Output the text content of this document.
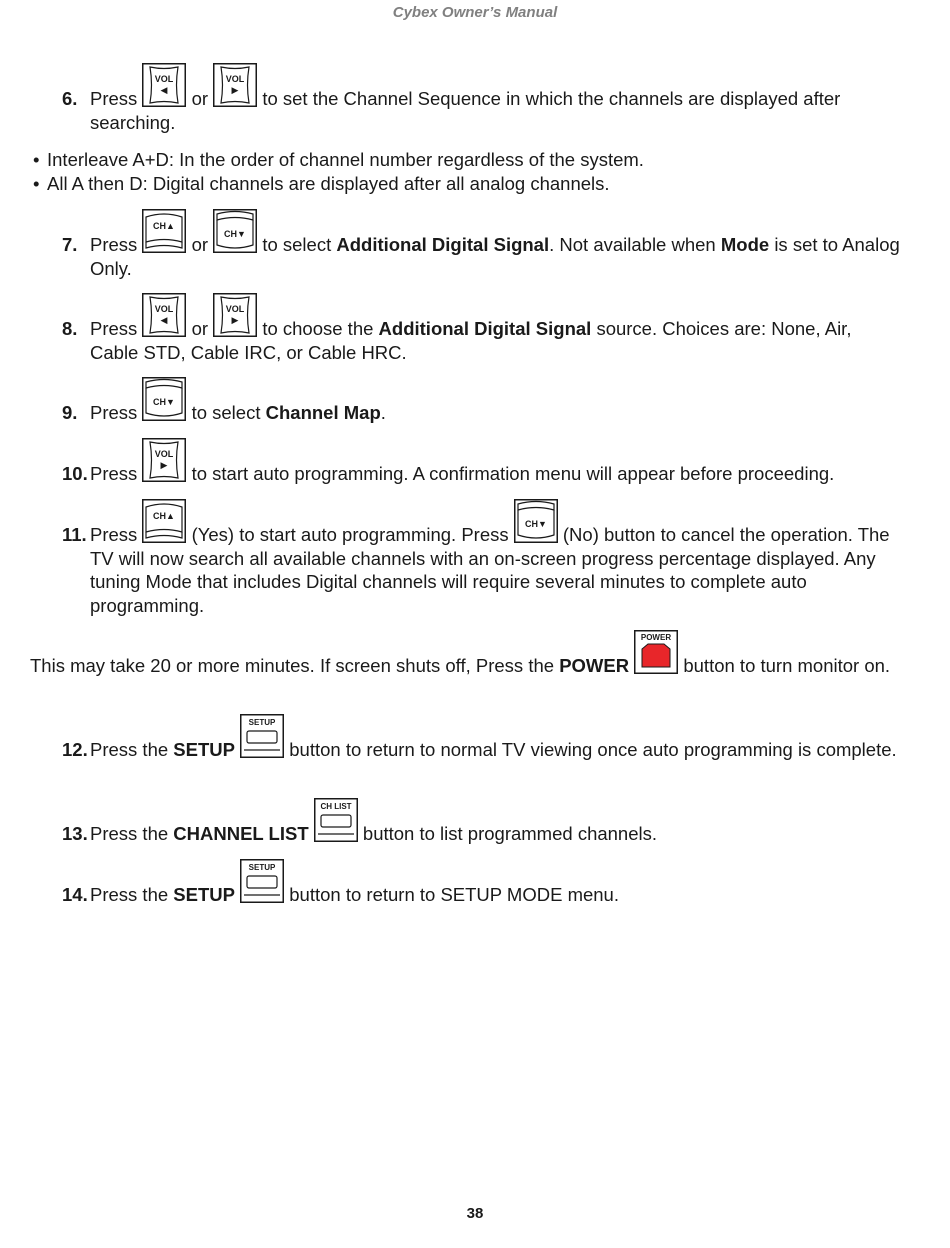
Cybex Owner’s Manual
6. Press
VOL
◀ or
VOL
▶ to set the Channel Sequence in which the channels are displayed after searching.
• Interleave A+D: In the order of channel number regardless of the system.
• All A then D: Digital channels are displayed after all analog channels.
7. Press
CH▲
or CH▼ to select Additional Digital Signal. Not available when Mode is set to Analog Only.
8. Press
VOL
◀ or
VOL
▶ to choose the Additional Digital Signal source. Choices are: None, Air, Cable STD, Cable IRC, or Cable HRC.
9. Press CH▼ to select Channel Map.
10. Press
VOL
▶ to start auto programming. A confirmation menu will appear before proceeding.
11. Press
CH▲
(Yes) to start auto programming. Press CH▼ (No) button to cancel the operation. The TV will now search all available channels with an on-screen progress percentage displayed. Any tuning Mode that includes Digital channels will require several minutes to complete auto programming.
This may take 20 or more minutes. If screen shuts off, Press the POWER
POWER
button to turn monitor on.
12. Press the SETUP
SETUP
button to return to normal TV viewing once auto programming is complete.
13. Press the CHANNEL LIST
CH LIST
button to list programmed channels.
14. Press the SETUP
SETUP
button to return to SETUP MODE menu.
38
